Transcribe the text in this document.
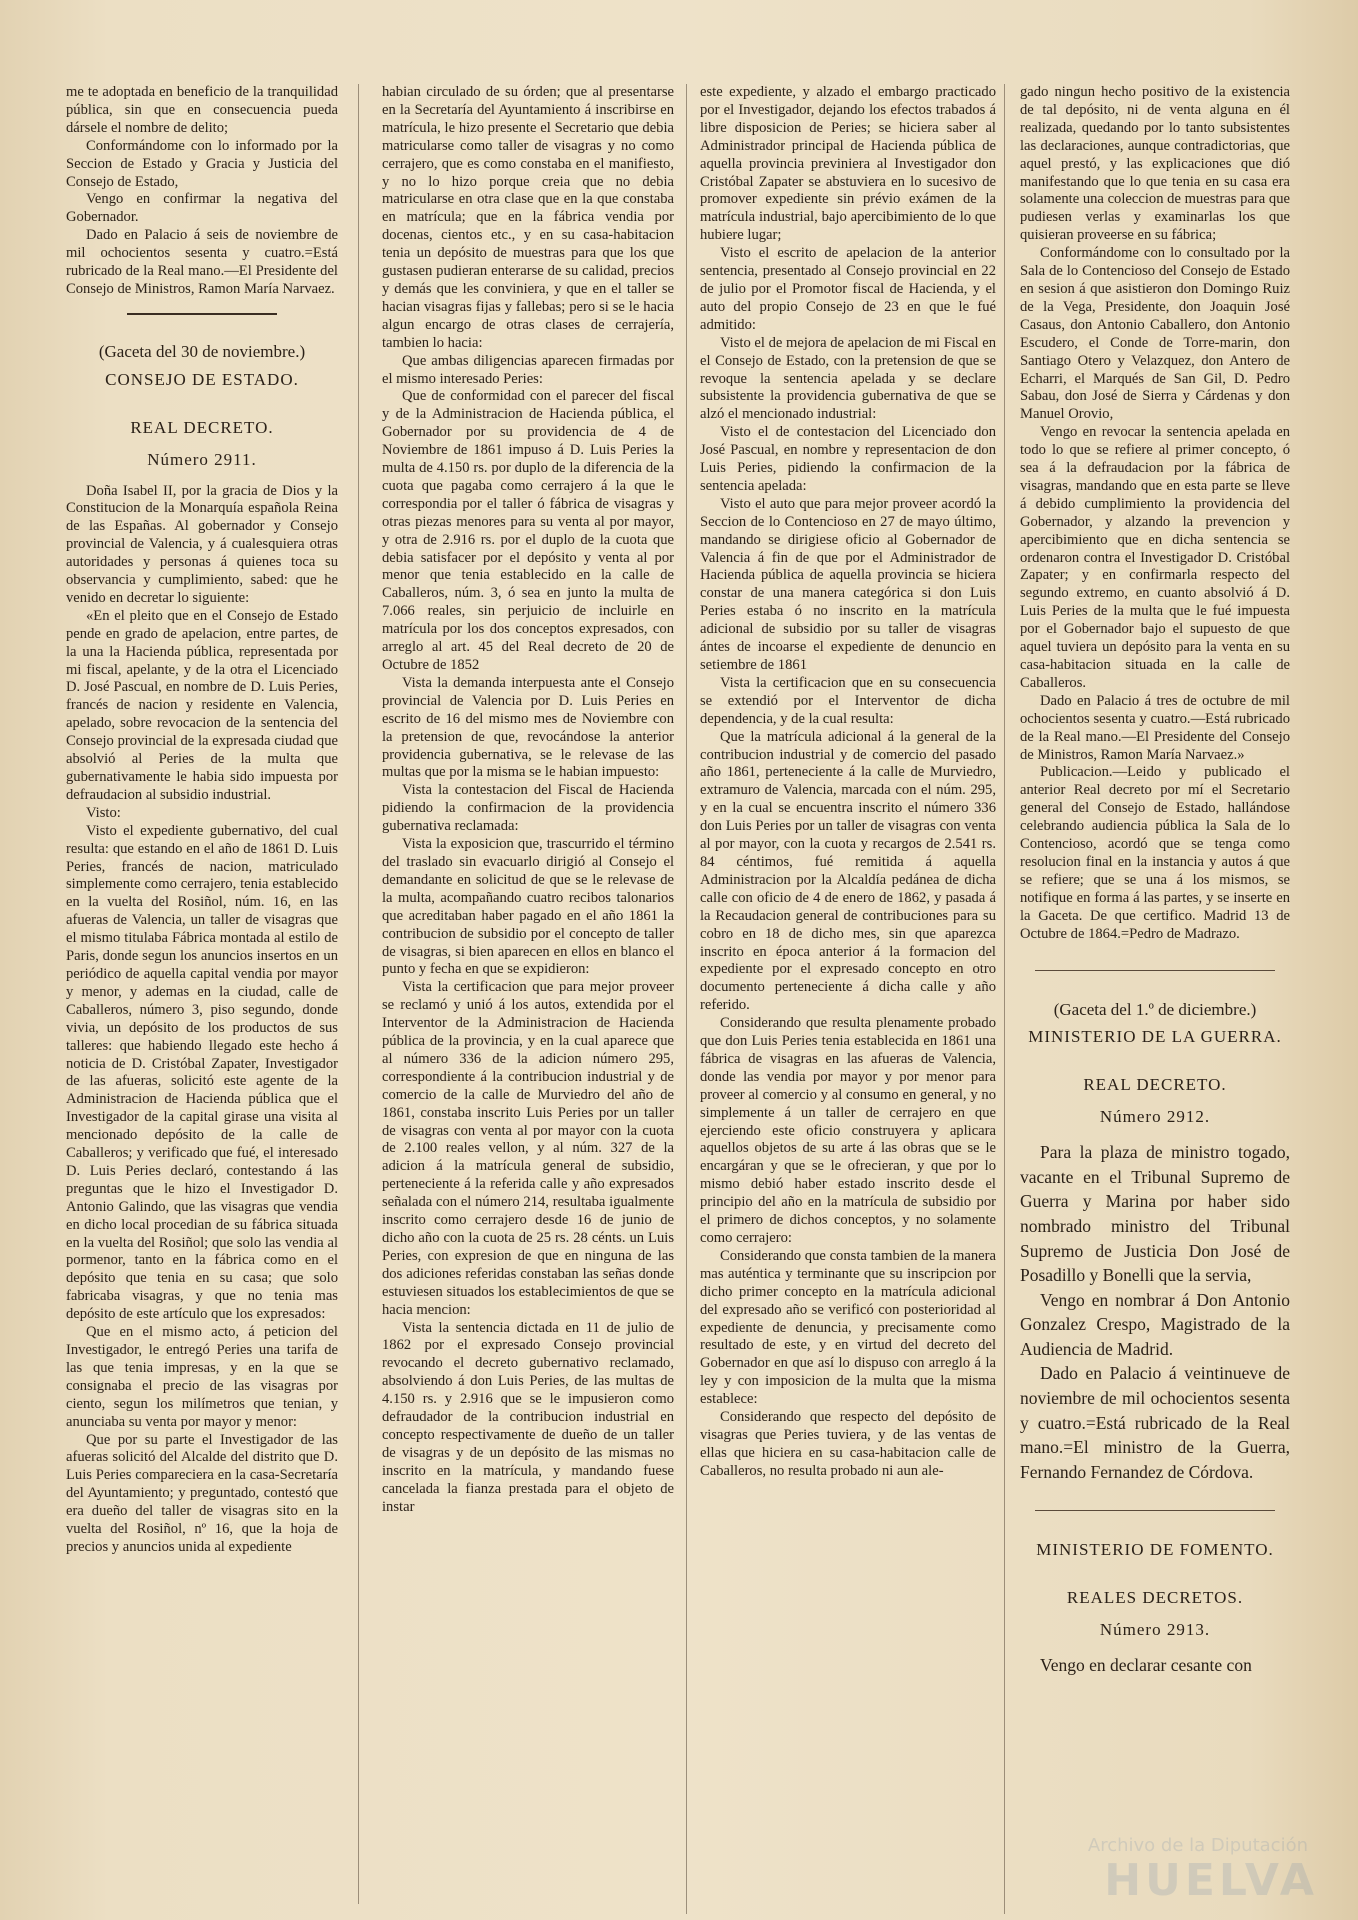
me te adoptada en beneficio de la tranquilidad pública, sin que en consecuencia pueda dársele el nombre de delito;

Conformándome con lo informado por la Seccion de Estado y Gracia y Justicia del Consejo de Estado,

Vengo en confirmar la negativa del Gobernador.

Dado en Palacio á seis de noviembre de mil ochocientos sesenta y cuatro.=Está rubricado de la Real mano.—El Presidente del Consejo de Ministros, Ramon María Narvaez.

(Gaceta del 30 de noviembre.)

CONSEJO DE ESTADO.

REAL DECRETO.

Número 2911.

Doña Isabel II, por la gracia de Dios y la Constitucion de la Monarquía española Reina de las Españas. Al gobernador y Consejo provincial de Valencia, y á cualesquiera otras autoridades y personas á quienes toca su observancia y cumplimiento, sabed: que he venido en decretar lo siguiente:

«En el pleito que en el Consejo de Estado pende en grado de apelacion, entre partes, de la una la Hacienda pública, representada por mi fiscal, apelante, y de la otra el Licenciado D. José Pascual, en nombre de D. Luis Peries, francés de nacion y residente en Valencia, apelado, sobre revocacion de la sentencia del Consejo provincial de la expresada ciudad que absolvió al Peries de la multa que gubernativamente le habia sido impuesta por defraudacion al subsidio industrial.

Visto:

Visto el expediente gubernativo, del cual resulta: que estando en el año de 1861 D. Luis Peries, francés de nacion, matriculado simplemente como cerrajero, tenia establecido en la vuelta del Rosiñol, núm. 16, en las afueras de Valencia, un taller de visagras que el mismo titulaba Fábrica montada al estilo de Paris, donde segun los anuncios insertos en un periódico de aquella capital vendia por mayor y menor, y ademas en la ciudad, calle de Caballeros, número 3, piso segundo, donde vivia, un depósito de los productos de sus talleres: que habiendo llegado este hecho á noticia de D. Cristóbal Zapater, Investigador de las afueras, solicitó este agente de la Administracion de Hacienda pública que el Investigador de la capital girase una visita al mencionado depósito de la calle de Caballeros; y verificado que fué, el interesado D. Luis Peries declaró, contestando á las preguntas que le hizo el Investigador D. Antonio Galindo, que las visagras que vendia en dicho local procedian de su fábrica situada en la vuelta del Rosiñol; que solo las vendia al pormenor, tanto en la fábrica como en el depósito que tenia en su casa; que solo fabricaba visagras, y que no tenia mas depósito de este artículo que los expresados:

Que en el mismo acto, á peticion del Investigador, le entregó Peries una tarifa de las que tenia impresas, y en la que se consignaba el precio de las visagras por ciento, segun los milímetros que tenian, y anunciaba su venta por mayor y menor:

Que por su parte el Investigador de las afueras solicitó del Alcalde del distrito que D. Luis Peries compareciera en la casa-Secretaría del Ayuntamiento; y preguntado, contestó que era dueño del taller de visagras sito en la vuelta del Rosiñol, nº 16, que la hoja de precios y anuncios unida al expediente

habian circulado de su órden; que al presentarse en la Secretaría del Ayuntamiento á inscribirse en matrícula, le hizo presente el Secretario que debia matricularse como taller de visagras y no como cerrajero, que es como constaba en el manifiesto, y no lo hizo porque creia que no debia matricularse en otra clase que en la que constaba en matrícula; que en la fábrica vendia por docenas, cientos etc., y en su casa-habitacion tenia un depósito de muestras para que los que gustasen pudieran enterarse de su calidad, precios y demás que les conviniera, y que en el taller se hacian visagras fijas y fallebas; pero si se le hacia algun encargo de otras clases de cerrajería, tambien lo hacia:

Que ambas diligencias aparecen firmadas por el mismo interesado Peries:

Que de conformidad con el parecer del fiscal y de la Administracion de Hacienda pública, el Gobernador por su providencia de 4 de Noviembre de 1861 impuso á D. Luis Peries la multa de 4.150 rs. por duplo de la diferencia de la cuota que pagaba como cerrajero á la que le correspondia por el taller ó fábrica de visagras y otras piezas menores para su venta al por mayor, y otra de 2.916 rs. por el duplo de la cuota que debia satisfacer por el depósito y venta al por menor que tenia establecido en la calle de Caballeros, núm. 3, ó sea en junto la multa de 7.066 reales, sin perjuicio de incluirle en matrícula por los dos conceptos expresados, con arreglo al art. 45 del Real decreto de 20 de Octubre de 1852

Vista la demanda interpuesta ante el Consejo provincial de Valencia por D. Luis Peries en escrito de 16 del mismo mes de Noviembre con la pretension de que, revocándose la anterior providencia gubernativa, se le relevase de las multas que por la misma se le habian impuesto:

Vista la contestacion del Fiscal de Hacienda pidiendo la confirmacion de la providencia gubernativa reclamada:

Vista la exposicion que, trascurrido el término del traslado sin evacuarlo dirigió al Consejo el demandante en solicitud de que se le relevase de la multa, acompañando cuatro recibos talonarios que acreditaban haber pagado en el año 1861 la contribucion de subsidio por el concepto de taller de visagras, si bien aparecen en ellos en blanco el punto y fecha en que se expidieron:

Vista la certificacion que para mejor proveer se reclamó y unió á los autos, extendida por el Interventor de la Administracion de Hacienda pública de la provincia, y en la cual aparece que al número 336 de la adicion número 295, correspondiente á la contribucion industrial y de comercio de la calle de Murviedro del año de 1861, constaba inscrito Luis Peries por un taller de visagras con venta al por mayor con la cuota de 2.100 reales vellon, y al núm. 327 de la adicion á la matrícula general de subsidio, perteneciente á la referida calle y año expresados señalada con el número 214, resultaba igualmente inscrito como cerrajero desde 16 de junio de dicho año con la cuota de 25 rs. 28 cénts. un Luis Peries, con expresion de que en ninguna de las dos adiciones referidas constaban las señas donde estuviesen situados los establecimientos de que se hacia mencion:

Vista la sentencia dictada en 11 de julio de 1862 por el expresado Consejo provincial revocando el decreto gubernativo reclamado, absolviendo á don Luis Peries, de las multas de 4.150 rs. y 2.916 que se le impusieron como defraudador de la contribucion industrial en concepto respectivamente de dueño de un taller de visagras y de un depósito de las mismas no inscrito en la matrícula, y mandando fuese cancelada la fianza prestada para el objeto de instar

este expediente, y alzado el embargo practicado por el Investigador, dejando los efectos trabados á libre disposicion de Peries; se hiciera saber al Administrador principal de Hacienda pública de aquella provincia previniera al Investigador don Cristóbal Zapater se abstuviera en lo sucesivo de promover expediente sin prévio exámen de la matrícula industrial, bajo apercibimiento de lo que hubiere lugar;

Visto el escrito de apelacion de la anterior sentencia, presentado al Consejo provincial en 22 de julio por el Promotor fiscal de Hacienda, y el auto del propio Consejo de 23 en que le fué admitido:

Visto el de mejora de apelacion de mi Fiscal en el Consejo de Estado, con la pretension de que se revoque la sentencia apelada y se declare subsistente la providencia gubernativa de que se alzó el mencionado industrial:

Visto el de contestacion del Licenciado don José Pascual, en nombre y representacion de don Luis Peries, pidiendo la confirmacion de la sentencia apelada:

Visto el auto que para mejor proveer acordó la Seccion de lo Contencioso en 27 de mayo último, mandando se dirigiese oficio al Gobernador de Valencia á fin de que por el Administrador de Hacienda pública de aquella provincia se hiciera constar de una manera categórica si don Luis Peries estaba ó no inscrito en la matrícula adicional de subsidio por su taller de visagras ántes de incoarse el expediente de denuncio en setiembre de 1861

Vista la certificacion que en su consecuencia se extendió por el Interventor de dicha dependencia, y de la cual resulta:

Que la matrícula adicional á la general de la contribucion industrial y de comercio del pasado año 1861, perteneciente á la calle de Murviedro, extramuro de Valencia, marcada con el núm. 295, y en la cual se encuentra inscrito el número 336 don Luis Peries por un taller de visagras con venta al por mayor, con la cuota y recargos de 2.541 rs. 84 céntimos, fué remitida á aquella Administracion por la Alcaldía pedánea de dicha calle con oficio de 4 de enero de 1862, y pasada á la Recaudacion general de contribuciones para su cobro en 18 de dicho mes, sin que aparezca inscrito en época anterior á la formacion del expediente por el expresado concepto en otro documento perteneciente á dicha calle y año referido.

Considerando que resulta plenamente probado que don Luis Peries tenia establecida en 1861 una fábrica de visagras en las afueras de Valencia, donde las vendia por mayor y por menor para proveer al comercio y al consumo en general, y no simplemente á un taller de cerrajero en que ejerciendo este oficio construyera y aplicara aquellos objetos de su arte á las obras que se le encargáran y que se le ofrecieran, y que por lo mismo debió haber estado inscrito desde el principio del año en la matrícula de subsidio por el primero de dichos conceptos, y no solamente como cerrajero:

Considerando que consta tambien de la manera mas auténtica y terminante que su inscripcion por dicho primer concepto en la matrícula adicional del expresado año se verificó con posterioridad al expediente de denuncia, y precisamente como resultado de este, y en virtud del decreto del Gobernador en que así lo dispuso con arreglo á la ley y con imposicion de la multa que la misma establece:

Considerando que respecto del depósito de visagras que Peries tuviera, y de las ventas de ellas que hiciera en su casa-habitacion calle de Caballeros, no resulta probado ni aun ale-

gado ningun hecho positivo de la existencia de tal depósito, ni de venta alguna en él realizada, quedando por lo tanto subsistentes las declaraciones, aunque contradictorias, que aquel prestó, y las explicaciones que dió manifestando que lo que tenia en su casa era solamente una coleccion de muestras para que pudiesen verlas y examinarlas los que quisieran proveerse en su fábrica;

Conformándome con lo consultado por la Sala de lo Contencioso del Consejo de Estado en sesion á que asistieron don Domingo Ruiz de la Vega, Presidente, don Joaquin José Casaus, don Antonio Caballero, don Antonio Escudero, el Conde de Torre-marin, don Santiago Otero y Velazquez, don Antero de Echarri, el Marqués de San Gil, D. Pedro Sabau, don José de Sierra y Cárdenas y don Manuel Orovio,

Vengo en revocar la sentencia apelada en todo lo que se refiere al primer concepto, ó sea á la defraudacion por la fábrica de visagras, mandando que en esta parte se lleve á debido cumplimiento la providencia del Gobernador, y alzando la prevencion y apercibimiento que en dicha sentencia se ordenaron contra el Investigador D. Cristóbal Zapater; y en confirmarla respecto del segundo extremo, en cuanto absolvió á D. Luis Peries de la multa que le fué impuesta por el Gobernador bajo el supuesto de que aquel tuviera un depósito para la venta en su casa-habitacion situada en la calle de Caballeros.

Dado en Palacio á tres de octubre de mil ochocientos sesenta y cuatro.—Está rubricado de la Real mano.—El Presidente del Consejo de Ministros, Ramon María Narvaez.»

Publicacion.—Leido y publicado el anterior Real decreto por mí el Secretario general del Consejo de Estado, hallándose celebrando audiencia pública la Sala de lo Contencioso, acordó que se tenga como resolucion final en la instancia y autos á que se refiere; que se una á los mismos, se notifique en forma á las partes, y se inserte en la Gaceta. De que certifico. Madrid 13 de Octubre de 1864.=Pedro de Madrazo.

(Gaceta del 1.º de diciembre.)

MINISTERIO DE LA GUERRA.

REAL DECRETO.

Número 2912.

Para la plaza de ministro togado, vacante en el Tribunal Supremo de Guerra y Marina por haber sido nombrado ministro del Tribunal Supremo de Justicia Don José de Posadillo y Bonelli que la servia,

Vengo en nombrar á Don Antonio Gonzalez Crespo, Magistrado de la Audiencia de Madrid.

Dado en Palacio á veintinueve de noviembre de mil ochocientos sesenta y cuatro.=Está rubricado de la Real mano.=El ministro de la Guerra, Fernando Fernandez de Córdova.

MINISTERIO DE FOMENTO.

REALES DECRETOS.

Número 2913.

Vengo en declarar cesante con

Archivo de la Diputación
HUELVA
